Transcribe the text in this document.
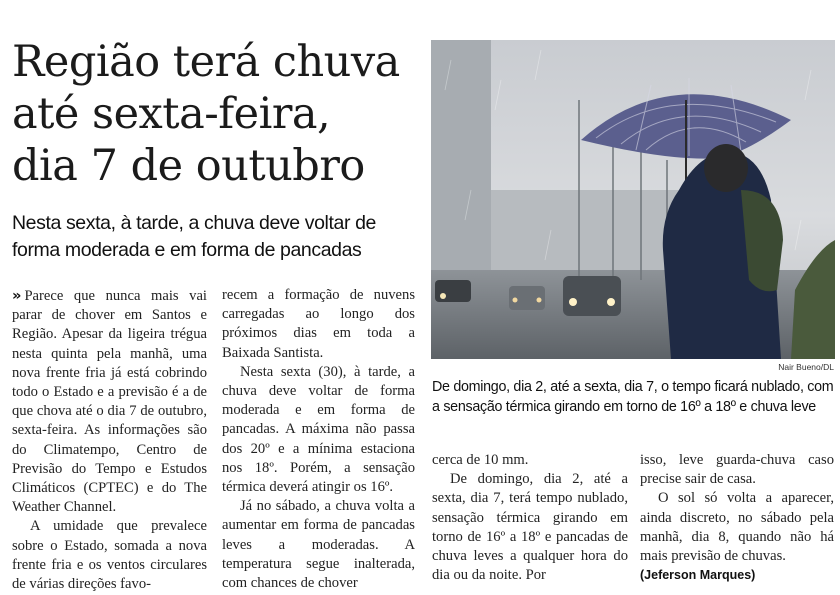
Região terá chuva
até sexta-feira,
dia 7 de outubro
Nesta sexta, à tarde, a chuva deve voltar de
forma moderada e em forma de pancadas

» Parece que nunca mais vai parar de chover em Santos e Região. Apesar da ligeira trégua nesta quinta pela manhã, uma nova frente fria já está cobrindo todo o Estado e a previsão é a de que chova até o dia 7 de outubro, sexta-feira. As informações são do Climatempo, Centro de Previsão do Tempo e Estudos Climáticos (CPTEC) e do The Weather Channel.

A umidade que prevalece sobre o Estado, somada a nova frente fria e os ventos circulares de várias direções favo-

recem a formação de nuvens carregadas ao longo dos próximos dias em toda a Baixada Santista.

Nesta sexta (30), à tarde, a chuva deve voltar de forma moderada e em forma de pancadas. A máxima não passa dos 20º e a mínima estaciona nos 18º. Porém, a sensação térmica deverá atingir os 16º.

Já no sábado, a chuva volta a aumentar em forma de pancadas leves a moderadas. A temperatura segue inalterada, com chances de chover

cerca de 10 mm.

De domingo, dia 2, até a sexta, dia 7, terá tempo nublado, sensação térmica girando em torno de 16º a 18º e pancadas de chuva leves a qualquer hora do dia ou da noite. Por

isso, leve guarda-chuva caso precise sair de casa.

O sol só volta a aparecer, ainda discreto, no sábado pela manhã, dia 8, quando não há mais previsão de chuvas.

(Jeferson Marques)

Nair Bueno/DL
De domingo, dia 2, até a sexta, dia 7, o tempo ficará nublado, com
a sensação térmica girando em torno de 16º a 18º e chuva leve
